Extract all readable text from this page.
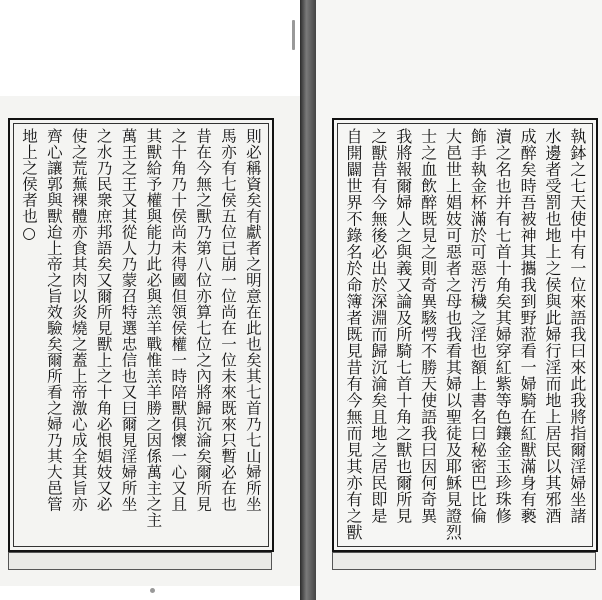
則必稱資矣有獻者之明意在此也矣其七首乃七山婦所坐
馬亦有七侯五位已崩一位尚在一位未來既來只暫必在也
昔在今無之獸乃第八位亦算七位之內將歸沉淪矣爾所見
之十角乃十侯尚未得國但領侯權一時陪獸俱懷一心又且
其獸給予權與能力此必與羔羊戰惟羔羊勝之因係萬主之主
萬王之王又其從人乃蒙召特選忠信也又曰爾見淫婦所坐
之水乃民衆庶邦語矣又爾所見獸上之十角必恨娼妓又必
使之荒蕪裸體亦食其肉以炎燒之蓋上帝激心成全其旨亦
齊心讓郭與獸迨上帝之旨效驗矣爾所看之婦乃其大邑管
地上之侯者也○	執鉢之七天使中有一位來語我曰來此我將指爾淫婦坐諸
水邊者受罰也地上之侯與此婦行淫而地上居民以其邪酒
成醉矣時吾被神其攜我到野蒞看一婦騎在紅獸滿身有褻
瀆之名也并有七首十角矣其婦穿紅紫等色鑲金玉珍珠修
飾手執金杯滿於可惡汚穢之淫也額上書名曰秘密巴比倫
大邑世上娼妓可惡者之母也我看其婦以聖徒及耶穌見證烈
士之血飲醉既見之則奇異駭愕不勝天使語我曰因何奇異
我將報爾婦人之與義又論及所騎七首十角之獸也爾所見
之獸昔有今無後必出於深淵而歸沉淪矣且地之居民即是
自開闢世界不錄名於命簿者既見昔有今無而見其亦有之獸
